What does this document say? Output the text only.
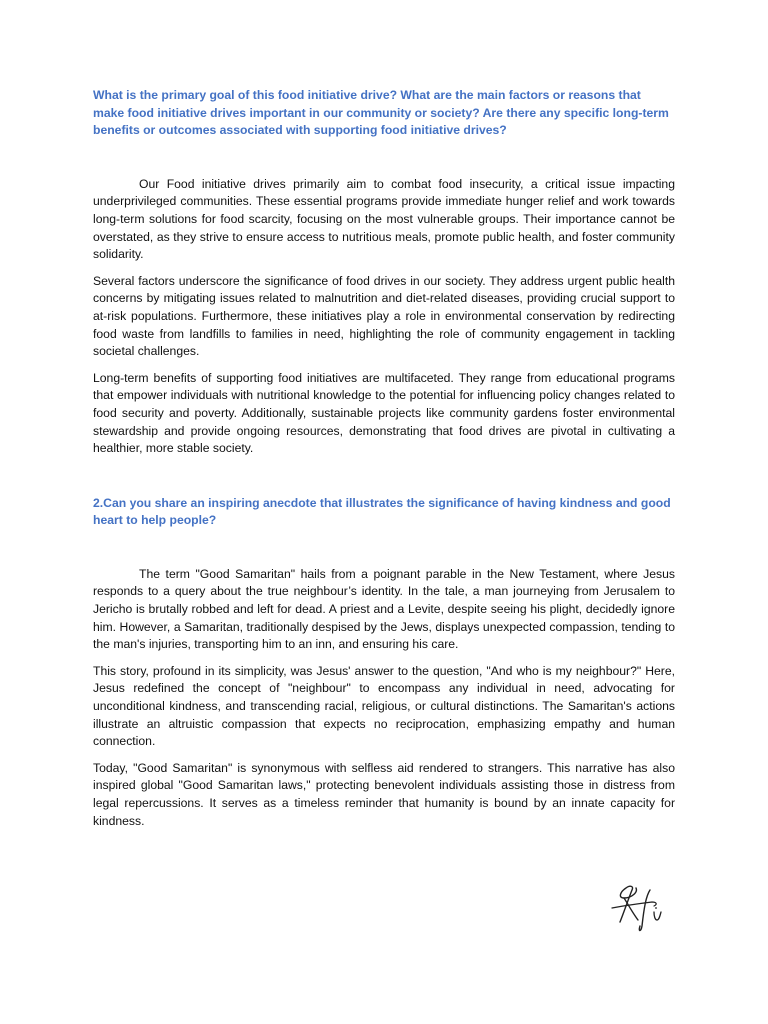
What is the primary goal of this food initiative drive? What are the main factors or reasons that make food initiative drives important in our community or society? Are there any specific long-term benefits or outcomes associated with supporting food initiative drives?

Our Food initiative drives primarily aim to combat food insecurity, a critical issue impacting underprivileged communities. These essential programs provide immediate hunger relief and work towards long-term solutions for food scarcity, focusing on the most vulnerable groups. Their importance cannot be overstated, as they strive to ensure access to nutritious meals, promote public health, and foster community solidarity.

Several factors underscore the significance of food drives in our society. They address urgent public health concerns by mitigating issues related to malnutrition and diet-related diseases, providing crucial support to at-risk populations. Furthermore, these initiatives play a role in environmental conservation by redirecting food waste from landfills to families in need, highlighting the role of community engagement in tackling societal challenges.

Long-term benefits of supporting food initiatives are multifaceted. They range from educational programs that empower individuals with nutritional knowledge to the potential for influencing policy changes related to food security and poverty. Additionally, sustainable projects like community gardens foster environmental stewardship and provide ongoing resources, demonstrating that food drives are pivotal in cultivating a healthier, more stable society.

2.Can you share an inspiring anecdote that illustrates the significance of having kindness and good heart to help people?

The term "Good Samaritan" hails from a poignant parable in the New Testament, where Jesus responds to a query about the true neighbour’s identity. In the tale, a man journeying from Jerusalem to Jericho is brutally robbed and left for dead. A priest and a Levite, despite seeing his plight, decidedly ignore him. However, a Samaritan, traditionally despised by the Jews, displays unexpected compassion, tending to the man's injuries, transporting him to an inn, and ensuring his care.

This story, profound in its simplicity, was Jesus' answer to the question, "And who is my neighbour?" Here, Jesus redefined the concept of "neighbour" to encompass any individual in need, advocating for unconditional kindness, and transcending racial, religious, or cultural distinctions. The Samaritan's actions illustrate an altruistic compassion that expects no reciprocation, emphasizing empathy and human connection.

Today, "Good Samaritan" is synonymous with selfless aid rendered to strangers. This narrative has also inspired global "Good Samaritan laws," protecting benevolent individuals assisting those in distress from legal repercussions. It serves as a timeless reminder that humanity is bound by an innate capacity for kindness.
